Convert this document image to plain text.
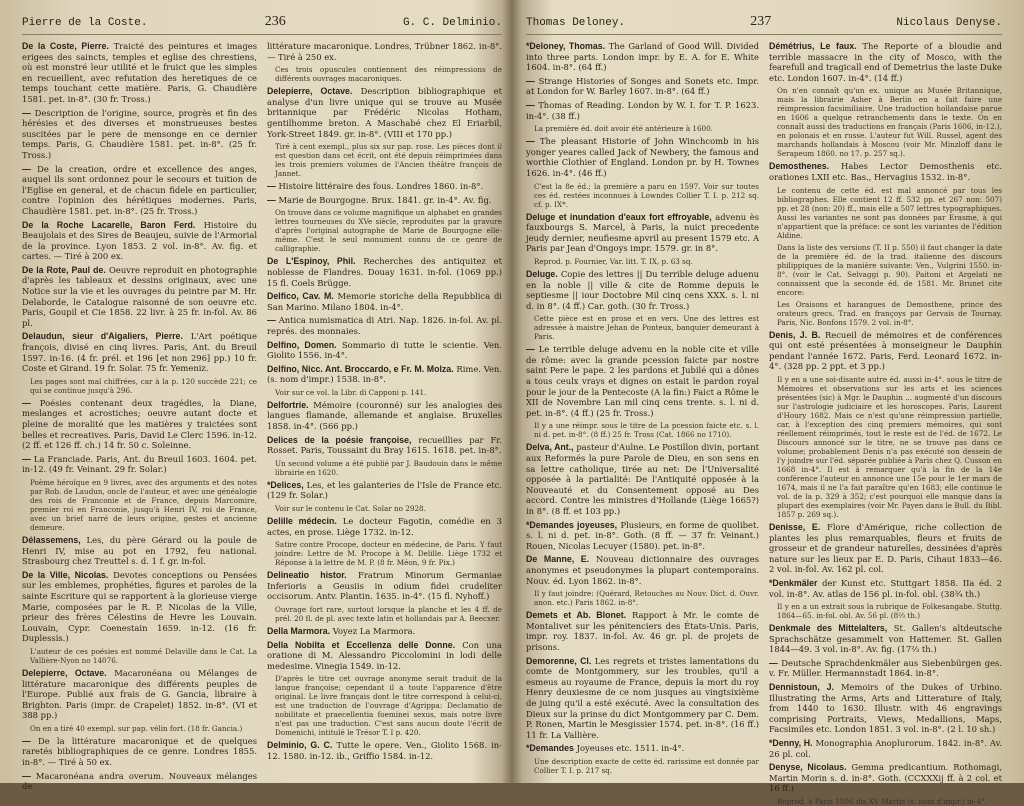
Pierre de la Coste.	236	G. C. Delminio.
De la Coste, Pierre. Traicté des peintures et images erigees des saincts, temples et eglise des chrestiens, où est monstré leur utilité et le fruict que les simples en recueillent, avec refutation des heretiques de ce temps touchant cette matière. Paris, G. Chaudière 1581. pet. in-8°. (30 fr. Tross.)
— Description de l'origine, source, progrès et fin des hérésies et des diverses et monstrueuses bestes suscitées par le pere de mensonge en ce dernier temps. Paris, G. Chaudière 1581. pet. in-8°. (25 fr. Tross.)
— De la creation, ordre et excellence des anges, auquel ils sont ordonnez pour le secours et tuition de l'Eglise en general, et de chacun fidele en particulier, contre l'opinion des hérétiques modernes. Paris, Chaudière 1581. pet. in-8°. (25 fr. Tross.)
De la Roche Lacarelle, Baron Ferd. Histoire du Beaujolais et des Sires de Beaujeu, suivie de l'Armorial de la province. Lyon 1853. 2 vol. in-8°. Av. fig. et cartes. — Tiré à 200 ex.
De la Rote, Paul de. Oeuvre reproduit en photographie d'après les tableaux et dessins originaux, avec une Notice sur la vie et les ouvrages du peintre par M. Hr. Delaborde, le Catalogue raisonné de son oeuvre etc. Paris, Goupil et Cie 1858. 22 livr. à 25 fr. in-fol. Av. 86 pl.
Delaudun, sieur d'Aigaliers, Pierre. L'Art poétique françois, divisé en cinq livres. Paris, Ant. du Breuil 1597. in-16. (4 fr. prél. et 196 [et non 296] pp.) 10 fr. Coste et Girand. 19 fr. Solar. 75 fr. Yemeniz.
Les pages sont mal chiffrées, car à la p. 120 succède 221; ce qui se continue jusqu'à 296.
— Poésies contenant deux tragédies, la Diane, meslanges et acrostiches; oeuvre autant docte et pleine de moralité que les matières y traictées sont belles et recreatives. Paris, David Le Clerc 1596. in-12. (2 ff. et 126 ff. ch.) 14 fr. 50 c. Soleinne.
— La Franciade. Paris, Ant. du Breuil 1603. 1604. pet. in-12. (49 fr. Veinant. 29 fr. Solar.)
Poème héroïque en 9 livres, avec des arguments et des notes par Rob. de Laudun, oncle de l'auteur, et avec une généalogie des rois de Franconie et de France, depuis Marcomire, premier roi en Franconie, jusqu'à Henri IV, roi de France, avec un brief narré de leurs origine, gestes et ancienne demeure.
Délassemens, Les, du père Gérard ou la poule de Henri IV, mise au pot en 1792, feu national. Strasbourg chez Treuttel s. d. 1 f. gr. in-fol.
De la Ville, Nicolas. Devotes conceptions ou Pensées sur les emblemes, prophéties, figures et paroles de la sainte Escriture qui se rapportent à la glorieuse vierge Marie, composées par le R. P. Nicolas de la Ville, prieur des frères Célestins de Hevre les Louvain. Louvain, Cypr. Coenestain 1659. in-12. (16 fr. Duplessis.)
L'auteur de ces poésies est nommé Delaville dans le Cat. La Vallière-Nyon no 14076.
Delepierre, Octave. Macaronéana ou Mélanges de littérature macaronique des différents peuples de l'Europe. Publié aux frais de G. Gancia, libraire à Brighton. Paris (impr. de Crapelet) 1852. in-8°. (VI et 388 pp.)
On en a tiré 40 exempl. sur pap. vélin fort. (18 fr. Gancia.)
— De la littérature macaronique et de quelques raretés bibliographiques de ce genre. Londres 1855. in-8°. — Tiré à 50 ex.
— Macaronéana andra overum. Nouveaux mélanges de
littérature macaronique. Londres, Trübner 1862. in-8°. — Tiré à 250 ex.
Ces trois opuscules contiennent des réimpressions de différents ouvrages macaroniques.
Delepierre, Octave. Description bibliographique et analyse d'un livre unique qui se trouve au Musée britannique par Frédéric Nicolas Hotham, gentilhomme breton. A Maschabé chez El Eriarbil, York-Street 1849. gr. in-8°. (VIII et 170 pp.)
Tiré à cent exempl., plus six sur pap. rose. Les pièces dont il est question dans cet écrit, ont été depuis réimprimées dans les trois premiers volumes de l'Ancien théâtre françois de Jannet.
— Histoire littéraire des fous. Londres 1860. in-8°.
— Marie de Bourgogne. Brux. 1841. gr. in-4°. Av. fig.
On trouve dans ce volume magnifique un alphabet en grandes lettres tourneuses du XVe siècle, reproduites par la gravure d'après l'original autographe de Marie de Bourgogne elle-même. C'est le seul monument connu de ce genre de calligraphie.
De L'Espinoy, Phil. Recherches des antiquitez et noblesse de Flandres. Douay 1631. in-fol. (1069 pp.) 15 fl. Coels Brügge.
Delfico, Cav. M. Memorie storiche della Repubblica di San Marino. Milano 1804. in-4°.
— Antica numismatica di Atri. Nap. 1826. in-fol. Av. pl. représ. des monnaies.
Delfino, Domen. Sommario di tutte le scientie. Ven. Giolito 1556. in-4°.
Delfino, Nicc. Ant. Broccardo, e Fr. M. Molza. Rime. Ven. (s. nom d'impr.) 1538. in-8°.
Voir sur ce vol. la Libr. di Capponi p. 141.
Delfortrie. Mémoire (couronné) sur les analogies des langues flamande, allemande et anglaise. Bruxelles 1858. in-4°. (566 pp.)
Delices de la poésie françoise, recueillies par Fr. Rosset. Paris, Toussaint du Bray 1615. 1618. pet. in-8°.
Un second volume a été publié par J. Baudouin dans le même librairie en 1620.
*Delices, Les, et les galanteries de l'Isle de France etc. (129 fr. Solar.)
Voir sur le contenu le Cat. Solar no 2928.
Delille médecin. Le docteur Fagotin, comédie en 3 actes, en prose. Liège 1732. in-12.
Satire contre Procope, docteur en médecine, de Paris. Y faut joindre: Lettre de M. Procope à M. Delille. Liège 1732 et Réponse à la lettre de M. P. (8 fr. Méon, 9 fr. Pix.)
Delineatio histor. Fratrum Minorum Germaniae Inferioris a Geusiis in odium fidei crudeliter occisorum. Antv. Plantin. 1635. in-4°. (15 fl. Nyhoff.)
Ouvrage fort rare, surtout lorsque la planche et les 4 ff. de prél. 20 fl. de pl. avec texte latin et hollandais par A. Beecxer.
Della Marmora. Voyez La Marmora.
Della Nobilta et Eccellenza delle Donne. Con una oratione di M. Alessandro Piccolomini in lodi delle medesime. Vinegia 1549. in-12.
D'après le titre cet ouvrage anonyme serait traduit de la langue françoise; cependant il a toute l'apparence d'être original. Le livre français dont le titre correspond à celui-ci, est une traduction de l'ouvrage d'Agrippa: Declamatio de nobilitate et praecellentia foeminei sexus, mais notre livre n'est pas une traduction. C'est sans aucun doute l'écrit de Domenichi, intitulé le Trésor T. I p. 420.
Delminio, G. C. Tutte le opere. Ven., Giolito 1568. in-12. 1580. in-12. ib., Griffio 1584. in-12.
Thomas Deloney.	237	Nicolaus Denyse.
*Deloney, Thomas. The Garland of Good Will. Divided into three parts. London impr. by E. A. for E. White 1604. in-8°. (64 ff.)
— Strange Histories of Songes and Sonets etc. Impr. at London for W. Barley 1607. in-8°. (64 ff.)
— Thomas of Reading. London by W. I. for T. P. 1623. in-4°. (38 ff.)
La première éd. doit avoir été antérieure à 1600.
— The pleasant Historie of John Winchcomb in his yonger yeares called Jack of Newbery, the famous and worthie Clothier of England. London pr. by H. Townes 1626. in-4°. (46 ff.)
C'est la 8e éd.; la première a paru en 1597. Voir sur toutes ces éd. restées inconnues à Lowndes Collier T. I. p. 212 sq. cf. p. IX*.
Deluge et inundation d'eaux fort effroyable, advenu ès fauxbourgs S. Marcel, à Paris, la nuict precedente jeudy dernier, neufiesme apvril au present 1579 etc. A Paris par Jean d'Ongoys impr. 1579. gr. in 8°.
Reprod. p. Fournier, Var. litt. T. IX, p. 63 sq.
Deluge. Copie des lettres || Du terrible deluge aduenu en la noble || ville & cite de Romme depuis le septiesme || iour Doctobre Mil cinq cens XXX. s. l. ni d. in 8°. (4 ff.) Car. goth. (30 fr. Tross.)
Cette pièce est en prose et en vers. Une des lettres est adressée à maistre Jehan de Ponteux, banquier demeurant à Paris.
— Le terrible deluge advenu en la noble cite et ville de rôme: avec la grande pcession faicte par nostre saint Pere le pape. 2 les pardons et Jubilé qui a dônes a tous ceulx vrays et dignes on estait le pardon royal pour le jour de la Pentecoste (A la fin:) Faict a Rôme le XII de Novembre Lan mil cinq cens trente. s. l. ni d. pet. in-8°. (4 ff.) (25 fr. Tross.)
Il y a une réimpr. sous le titre de La pcession faicte etc. s. l. ni d. pet. in-8°. (8 ff.) 25 fr. Tross (Cat. 1866 no 1710).
Delva, Ant., pasteur d'Aulne. Le Postillon divin, portant aux Reformés la pure Parole de Dieu, en son sens en sa lettre catholique, tirée au net: De l'Universalité opposée à la partialité: De l'Antiquité opposée à la Nouveauté et du Consentement opposé au Des accord. Contre les ministres d'Hollande (Liège 1665?) in 8°. (8 ff. et 103 pp.)
*Demandes joyeuses, Plusieurs, en forme de quolibet. s. l. ni d. pet. in-8°. Goth. (8 ff. — 37 fr. Veinant.) Rouen, Nicolas Lecuyer (1580). pet. in-8°.
De Manne, E. Nouveau dictionnaire des ouvrages anonymes et pseudonymes la plupart contemporains. Nouv. éd. Lyon 1862. in-8°.
Il y faut joindre: (Quérard, Retouches au Nouv. Dict. d. Ouvr. anon. etc.) Paris 1862. in-8°.
Demets et Ab. Blonet. Rapport à Mr. le comte de Montalivet sur les pénitenciers des États-Unis. Paris, impr. roy. 1837. in-fol. Av. 46 gr. pl. de projets de prisons.
Demorenne, Cl. Les regrets et tristes lamentations du comte de Montgommery, sur les troubles, qu'il a esmeus au royaume de France, depuis la mort du roy Henry deuxiesme de ce nom jusques au vingtsixième de juing qu'il a esté exécuté. Avec la consultation des Dieux sur la prinse du dict Montgommery par C. Dem. P. Ronen, Martin le Mesgissier 1574. pet. in-8°. (16 ff.) 11 fr. La Vallière.
*Demandes Joyeuses etc. 1511. in-4°.
Une description exacte de cette éd. rarissime est donnée par Collier T. I. p. 217 sq.
Démétrius, Le faux. The Reporte of a bloudie and terrible massacre in the city of Mosco, with the fearefull and tragicall end of Demetrius the laste Duke etc. London 1607. in-4°. (14 ff.)
On n'en connaît qu'un ex. unique au Musée Britannique, mais la librairie Asher à Berlin en a fait faire une réimpression facsimiliaire. Une traduction hollandaise parue en 1606 a quelque retranchements dans le texte. On en connaît aussi des traductions en français (Paris 1606, in-12.), en polonais et en russe. L'auteur fut Will. Russel, agent des marchands hollandais à Moscou (voir Mr. Minzloff dans le Serapeum 1860. no 17. p. 257 sq.).
Demosthenes. Habes Lector Demosthenis etc. orationes LXII etc. Bas., Hervagius 1532. in-8°.
Le contenu de cette éd. est mal annoncé par tous les bibliographes. Elle contient 12 ff. 532 pp. et 267 non: 507) pp. et 28 (non: 20) ff., mais elle a 507 lettres typographiques. Aussi les variantes ne sont pas données par Erasme, à qui n'appartient que la préface: ce sont les variantes de l'édition Aldine.
Dans la liste des versions (T. II p. 550) il faut changer la date de la première éd. de la trad. italienne des discours philippiques de la manière suivante: Ven., Vulgrini 1550. in-8°. (voir le Cat. Selvaggi p. 90). Paitoni et Argelati ne connaissent que la seconde éd. de 1581. Mr. Brunet cite encore:
Les Oraisons et harangues de Demosthene, prince des orateurs grecs. Trad. en françoys par Gervais de Tournay. Paris, Nic. Bonfons 1579. 2 vol. in-8°.
Denis, J. B. Recueil de mémoires et de conférences qui ont esté présentées à monseigneur le Dauphin pendant l'année 1672. Paris, Ferd. Leonard 1672. in-4°. (328 pp. 2 ppt. et 3 pp.)
Il y en a une soi-disante autre éd. aussi in-4°. sous le titre de Mémoires et observations sur les arts et les sciences présentées (sic) à Mgr. le Dauphin ... augmenté d'un discours sur l'astrologie judiciaire et les horoscopes. Paris, Laurent d'Houry 1682. Mais ce n'est qu'une réimpression partielle, car, à l'exception des cinq premiers mémoires, qui sont réellement réimprimés, tout le reste est de l'éd. de 1672. Le Discours annoncé sur le titre, ne se trouve pas dans ce volume; probablement Denis n'a pas exécuté son dessein de l'y joindre sur l'éd. séparée publiée à Paris chez Q. Cusson en 1668 in-4°. Il est à remarquer qu'à la fin de la 14e conférence l'auteur en annonce une 15e pour le 1er mars de 1674, mais il ne l'a fait paraître qu'en 1683; elle continue le vol. de la p. 329 à 352; c'est pourquoi elle manque dans la plupart des exemplaires (voir Mr. Payen dans le Bull. du Bibl. 1857 p. 269 sq.).
Denisse, E. Flore d'Amérique, riche collection de plantes les plus remarquables, fleurs et fruits de grosseur et de grandeur naturelles, dessinées d'après nature sur les lieux par E. D. Paris, Cihaut 1833—46. 2 vol. in-fol. Av. 162 pl. col.
*Denkmäler der Kunst etc. Stuttgart 1858. IIa éd. 2 vol. in-8°. Av. atlas de 156 pl. in-fol. obl. (38¾ th.)
Il y en a un extrait sous la rubrique de Folkesangabe. Stuttg. 1864—65. in-fol. obl. Av. 56 pl. (8⅔ th.)
Denkmale des Mittelalters, St. Gallen's altdeutsche Sprachschätze gesammelt von Hattemer. St. Gallen 1844—49. 3 vol. in-8°. Av. fig. (17⅔ th.)
— Deutsche Sprachdenkmäler aus Siebenbürgen ges. v. Fr. Müller. Hermannstadt 1864. in-8°.
Dennistoun, J. Memoirs of the Dukes of Urbino. Illustrating the Arms, Arts and Litterature of Italy, from 1440 to 1630. Illustr. with 46 engravings comprising Portraits, Views, Medallions, Maps, Facsimiles etc. London 1851. 3 vol. in-8°. (2 l. 10 sh.)
*Denny, H. Monographia Anoplurorum. 1842. in-8°. Av. 26 pl. col.
Denyse, Nicolaus. Gemma predicantium. Rothomagi, Martin Morin s. d. in-8°. Goth. (CCXXXij ff. à 2 col. et 16 ff.)
Reprod. à Paris 1506 dis XV Martis (s. nom d'impr.) in-4°.
